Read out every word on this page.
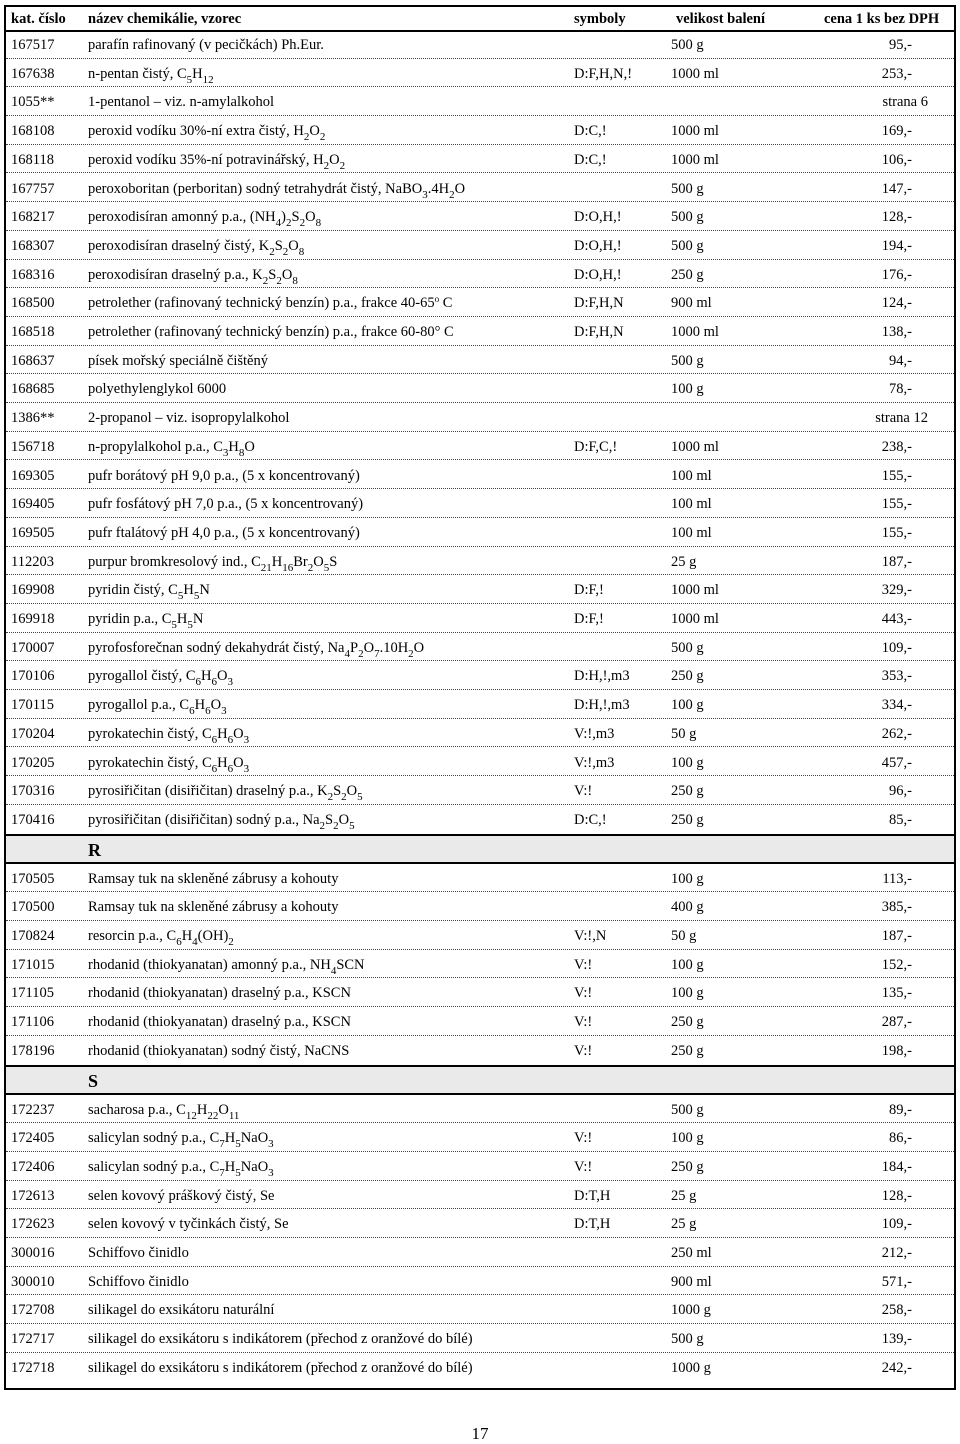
kat. číslo název chemikálie, vzorec	symboly	velikost balení	cena 1 ks bez DPH
167517 parafín rafinovaný (v pecičkách) Ph.Eur.	500 g	95,-
167638 n-pentan čistý, $C_5H_{12}$	D:F,H,N,!	1000 ml	253,-
1055** 1-pentanol – viz. n-amylalkohol	strana 6
168108 peroxid vodíku 30%-ní extra čistý, $H_2O_2$	D:C,!	1000 ml	169,-
168118 peroxid vodíku 35%-ní potravinářský, $H_2O_2$	D:C,!	1000 ml	106,-
167757 peroxoboritan (perboritan) sodný tetrahydrát čistý, $NaBO_3.4H_2O$	500 g	147,-
168217 peroxodisíran amonný p.a., $(NH_4)_2S_2O_8$	D:O,H,!	500 g	128,-
168307 peroxodisíran draselný čistý, $K_2S_2O_8$	D:O,H,!	500 g	194,-
168316 peroxodisíran draselný p.a., $K_2S_2O_8$	D:O,H,!	250 g	176,-
168500 petrolether (rafinovaný technický benzín) p.a., frakce 40-65$^o$ C	D:F,H,N	900 ml	124,-
168518 petrolether (rafinovaný technický benzín) p.a., frakce 60-80° C	D:F,H,N	1000 ml	138,-
168637 písek mořský speciálně čištěný	500 g	94,-
168685 polyethylenglykol 6000	100 g	78,-
1386** 2-propanol – viz. isopropylalkohol	strana 12
156718 n-propylalkohol p.a., $C_3H_8O$	D:F,C,!	1000 ml	238,-
169305 pufr borátový pH 9,0 p.a., (5 x koncentrovaný)	100 ml	155,-
169405 pufr fosfátový pH 7,0 p.a., (5 x koncentrovaný)	100 ml	155,-
169505 pufr ftalátový pH 4,0 p.a., (5 x koncentrovaný)	100 ml	155,-
112203 purpur bromkresolový ind., $C_{21}H_{16}Br_2O_5S$	25 g	187,-
169908 pyridin čistý, $C_5H_5N$	D:F,!	1000 ml	329,-
169918 pyridin p.a., $C_5H_5N$	D:F,!	1000 ml	443,-
170007 pyrofosforečnan sodný dekahydrát čistý, $Na_4P_2O_7.10H_2O$	500 g	109,-
170106 pyrogallol čistý, $C_6H_6O_3$	D:H,!,m3	250 g	353,-
170115 pyrogallol p.a., $C_6H_6O_3$	D:H,!,m3	100 g	334,-
170204 pyrokatechin čistý, $C_6H_6O_3$	V:!,m3	50 g	262,-
170205 pyrokatechin čistý, $C_6H_6O_3$	V:!,m3	100 g	457,-
170316 pyrosiřičitan (disiřičitan) draselný p.a., $K_2S_2O_5$	V:!	250 g	96,-
170416 pyrosiřičitan (disiřičitan) sodný p.a., $Na_2S_2O_5$	D:C,!	250 g	85,-
R
170505 Ramsay tuk na skleněné zábrusy a kohouty	100 g	113,-
170500 Ramsay tuk na skleněné zábrusy a kohouty	400 g	385,-
170824 resorcin p.a., $C_6H_4(OH)_2$	V:!,N	50 g	187,-
171015 rhodanid (thiokyanatan) amonný p.a., $NH_4SCN$	V:!	100 g	152,-
171105 rhodanid (thiokyanatan) draselný p.a., KSCN	V:!	100 g	135,-
171106 rhodanid (thiokyanatan) draselný p.a., KSCN	V:!	250 g	287,-
178196 rhodanid (thiokyanatan) sodný čistý, NaCNS	V:!	250 g	198,-
S
172237 sacharosa p.a., $C_{12}H_{22}O_{11}$	500 g	89,-
172405 salicylan sodný p.a., $C_7H_5NaO_3$	V:!	100 g	86,-
172406 salicylan sodný p.a., $C_7H_5NaO_3$	V:!	250 g	184,-
172613 selen kovový práškový čistý, Se	D:T,H	25 g	128,-
172623 selen kovový v tyčinkách čistý, Se	D:T,H	25 g	109,-
300016 Schiffovo činidlo	250 ml	212,-
300010 Schiffovo činidlo	900 ml	571,-
172708 silikagel do exsikátoru naturální	1000 g	258,-
172717 silikagel do exsikátoru s indikátorem (přechod z oranžové do bílé)	500 g	139,-
172718 silikagel do exsikátoru s indikátorem (přechod z oranžové do bílé)	1000 g	242,-
17
